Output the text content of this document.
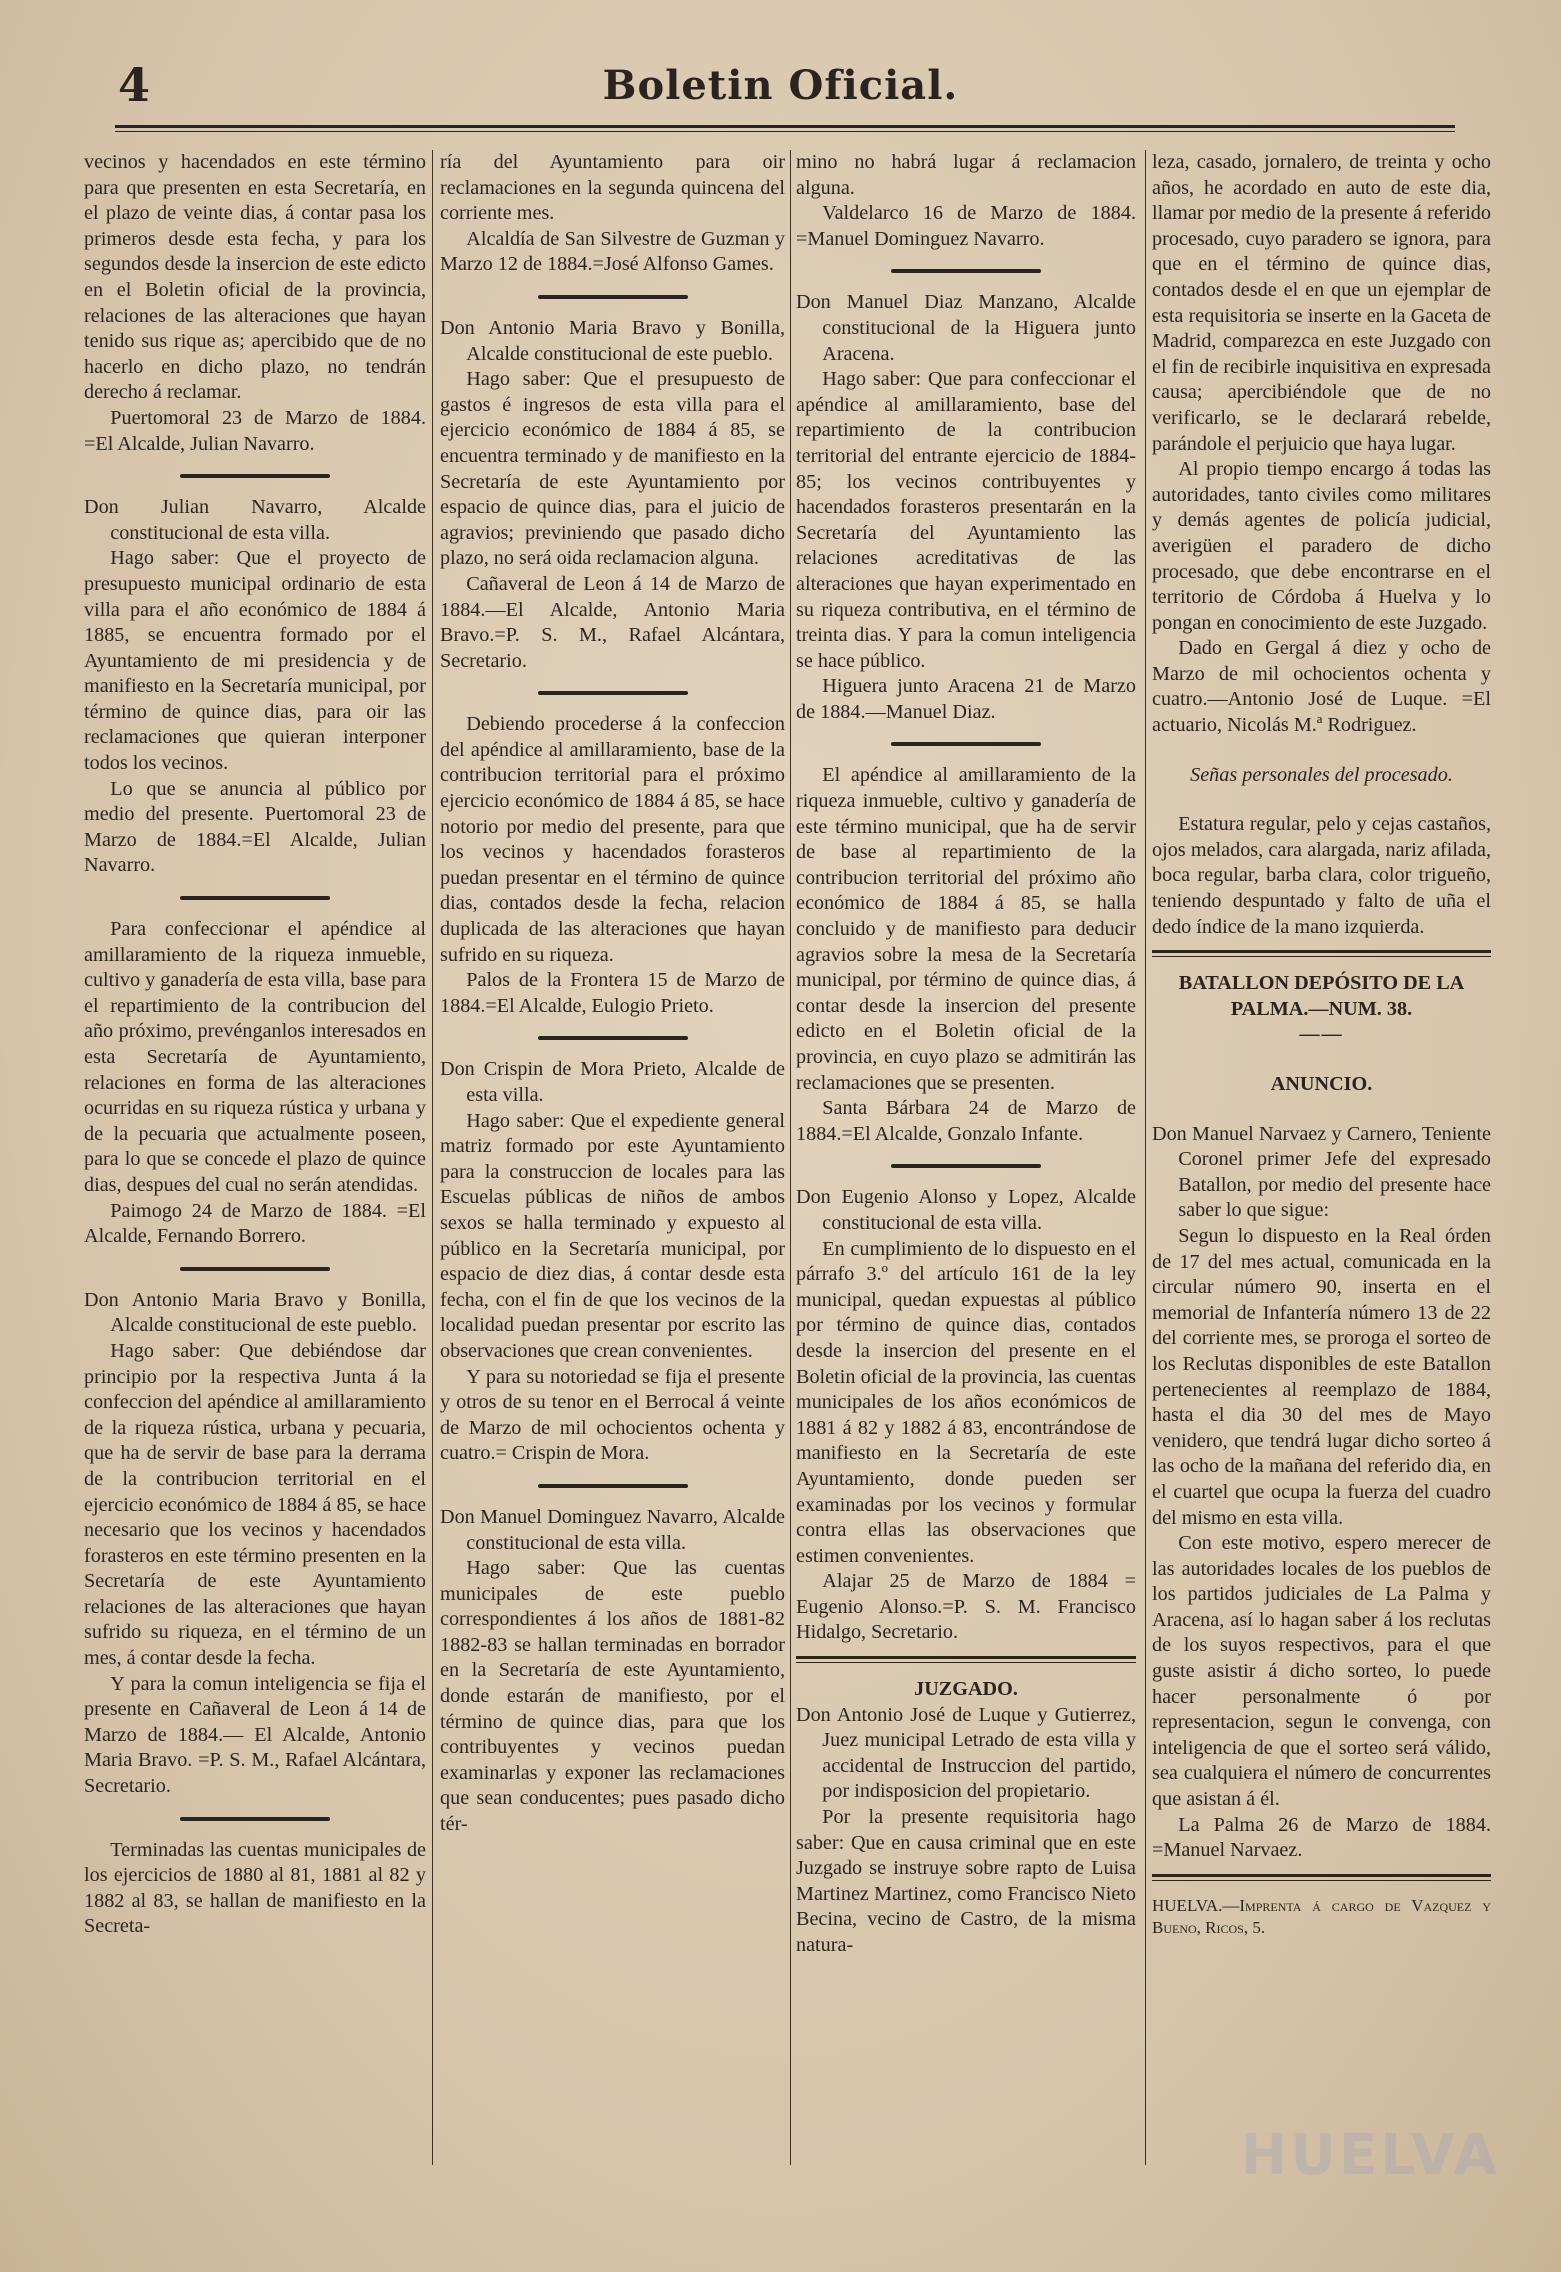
4	Boletin Oficial.

vecinos y hacendados en este término para que presenten en esta Secretaría, en el plazo de veinte dias, á contar pasa los primeros desde esta fecha, y para los segundos desde la insercion de este edicto en el Boletin oficial de la provincia, relaciones de las alteraciones que hayan tenido sus rique as; apercibido que de no hacerlo en dicho plazo, no tendrán derecho á reclamar.

Puertomoral 23 de Marzo de 1884. =El Alcalde, Julian Navarro.

Don Julian Navarro, Alcalde constitucional de esta villa.

Hago saber: Que el proyecto de presupuesto municipal ordinario de esta villa para el año económico de 1884 á 1885, se encuentra formado por el Ayuntamiento de mi presidencia y de manifiesto en la Secretaría municipal, por término de quince dias, para oir las reclamaciones que quieran interponer todos los vecinos.

Lo que se anuncia al público por medio del presente. Puertomoral 23 de Marzo de 1884.=El Alcalde, Julian Navarro.

Para confeccionar el apéndice al amillaramiento de la riqueza inmueble, cultivo y ganadería de esta villa, base para el repartimiento de la contribucion del año próximo, prevénganlos interesados en esta Secretaría de Ayuntamiento, relaciones en forma de las alteraciones ocurridas en su riqueza rústica y urbana y de la pecuaria que actualmente poseen, para lo que se concede el plazo de quince dias, despues del cual no serán atendidas.

Paimogo 24 de Marzo de 1884. =El Alcalde, Fernando Borrero.

Don Antonio Maria Bravo y Bonilla, Alcalde constitucional de este pueblo.

Hago saber: Que debiéndose dar principio por la respectiva Junta á la confeccion del apéndice al amillaramiento de la riqueza rústica, urbana y pecuaria, que ha de servir de base para la derrama de la contribucion territorial en el ejercicio económico de 1884 á 85, se hace necesario que los vecinos y hacendados forasteros en este término presenten en la Secretaría de este Ayuntamiento relaciones de las alteraciones que hayan sufrido su riqueza, en el término de un mes, á contar desde la fecha.

Y para la comun inteligencia se fija el presente en Cañaveral de Leon á 14 de Marzo de 1884.— El Alcalde, Antonio Maria Bravo. =P. S. M., Rafael Alcántara, Secretario.

Terminadas las cuentas municipales de los ejercicios de 1880 al 81, 1881 al 82 y 1882 al 83, se hallan de manifiesto en la Secreta-

ría del Ayuntamiento para oir reclamaciones en la segunda quincena del corriente mes.

Alcaldía de San Silvestre de Guzman y Marzo 12 de 1884.=José Alfonso Games.

Don Antonio Maria Bravo y Bonilla, Alcalde constitucional de este pueblo.

Hago saber: Que el presupuesto de gastos é ingresos de esta villa para el ejercicio económico de 1884 á 85, se encuentra terminado y de manifiesto en la Secretaría de este Ayuntamiento por espacio de quince dias, para el juicio de agravios; previniendo que pasado dicho plazo, no será oida reclamacion alguna.

Cañaveral de Leon á 14 de Marzo de 1884.—El Alcalde, Antonio Maria Bravo.=P. S. M., Rafael Alcántara, Secretario.

Debiendo procederse á la confeccion del apéndice al amillaramiento, base de la contribucion territorial para el próximo ejercicio económico de 1884 á 85, se hace notorio por medio del presente, para que los vecinos y hacendados forasteros puedan presentar en el término de quince dias, contados desde la fecha, relacion duplicada de las alteraciones que hayan sufrido en su riqueza.

Palos de la Frontera 15 de Marzo de 1884.=El Alcalde, Eulogio Prieto.

Don Crispin de Mora Prieto, Alcalde de esta villa.

Hago saber: Que el expediente general matriz formado por este Ayuntamiento para la construccion de locales para las Escuelas públicas de niños de ambos sexos se halla terminado y expuesto al público en la Secretaría municipal, por espacio de diez dias, á contar desde esta fecha, con el fin de que los vecinos de la localidad puedan presentar por escrito las observaciones que crean convenientes.

Y para su notoriedad se fija el presente y otros de su tenor en el Berrocal á veinte de Marzo de mil ochocientos ochenta y cuatro.= Crispin de Mora.

Don Manuel Dominguez Navarro, Alcalde constitucional de esta villa.

Hago saber: Que las cuentas municipales de este pueblo correspondientes á los años de 1881-82 1882-83 se hallan terminadas en borrador en la Secretaría de este Ayuntamiento, donde estarán de manifiesto, por el término de quince dias, para que los contribuyentes y vecinos puedan examinarlas y exponer las reclamaciones que sean conducentes; pues pasado dicho tér-

mino no habrá lugar á reclamacion alguna.

Valdelarco 16 de Marzo de 1884. =Manuel Dominguez Navarro.

Don Manuel Diaz Manzano, Alcalde constitucional de la Higuera junto Aracena.

Hago saber: Que para confeccionar el apéndice al amillaramiento, base del repartimiento de la contribucion territorial del entrante ejercicio de 1884-85; los vecinos contribuyentes y hacendados forasteros presentarán en la Secretaría del Ayuntamiento las relaciones acreditativas de las alteraciones que hayan experimentado en su riqueza contributiva, en el término de treinta dias. Y para la comun inteligencia se hace público.

Higuera junto Aracena 21 de Marzo de 1884.—Manuel Diaz.

El apéndice al amillaramiento de la riqueza inmueble, cultivo y ganadería de este término municipal, que ha de servir de base al repartimiento de la contribucion territorial del próximo año económico de 1884 á 85, se halla concluido y de manifiesto para deducir agravios sobre la mesa de la Secretaría municipal, por término de quince dias, á contar desde la insercion del presente edicto en el Boletin oficial de la provincia, en cuyo plazo se admitirán las reclamaciones que se presenten.

Santa Bárbara 24 de Marzo de 1884.=El Alcalde, Gonzalo Infante.

Don Eugenio Alonso y Lopez, Alcalde constitucional de esta villa.

En cumplimiento de lo dispuesto en el párrafo 3.º del artículo 161 de la ley municipal, quedan expuestas al público por término de quince dias, contados desde la insercion del presente en el Boletin oficial de la provincia, las cuentas municipales de los años económicos de 1881 á 82 y 1882 á 83, encontrándose de manifiesto en la Secretaría de este Ayuntamiento, donde pueden ser examinadas por los vecinos y formular contra ellas las observaciones que estimen convenientes.

Alajar 25 de Marzo de 1884 = Eugenio Alonso.=P. S. M. Francisco Hidalgo, Secretario.

JUZGADO.

Don Antonio José de Luque y Gutierrez, Juez municipal Letrado de esta villa y accidental de Instruccion del partido, por indisposicion del propietario.

Por la presente requisitoria hago saber: Que en causa criminal que en este Juzgado se instruye sobre rapto de Luisa Martinez Martinez, como Francisco Nieto Becina, vecino de Castro, de la misma natura-

leza, casado, jornalero, de treinta y ocho años, he acordado en auto de este dia, llamar por medio de la presente á referido procesado, cuyo paradero se ignora, para que en el término de quince dias, contados desde el en que un ejemplar de esta requisitoria se inserte en la Gaceta de Madrid, comparezca en este Juzgado con el fin de recibirle inquisitiva en expresada causa; apercibiéndole que de no verificarlo, se le declarará rebelde, parándole el perjuicio que haya lugar.

Al propio tiempo encargo á todas las autoridades, tanto civiles como militares y demás agentes de policía judicial, averigüen el paradero de dicho procesado, que debe encontrarse en el territorio de Córdoba á Huelva y lo pongan en conocimiento de este Juzgado.

Dado en Gergal á diez y ocho de Marzo de mil ochocientos ochenta y cuatro.—Antonio José de Luque. =El actuario, Nicolás M.ª Rodriguez.

Señas personales del procesado.

Estatura regular, pelo y cejas castaños, ojos melados, cara alargada, nariz afilada, boca regular, barba clara, color trigueño, teniendo despuntado y falto de uña el dedo índice de la mano izquierda.

BATALLON DEPÓSITO DE LA PALMA.—NUM. 38.

——

ANUNCIO.

Don Manuel Narvaez y Carnero, Teniente Coronel primer Jefe del expresado Batallon, por medio del presente hace saber lo que sigue:

Segun lo dispuesto en la Real órden de 17 del mes actual, comunicada en la circular número 90, inserta en el memorial de Infantería número 13 de 22 del corriente mes, se proroga el sorteo de los Reclutas disponibles de este Batallon pertenecientes al reemplazo de 1884, hasta el dia 30 del mes de Mayo venidero, que tendrá lugar dicho sorteo á las ocho de la mañana del referido dia, en el cuartel que ocupa la fuerza del cuadro del mismo en esta villa.

Con este motivo, espero merecer de las autoridades locales de los pueblos de los partidos judiciales de La Palma y Aracena, así lo hagan saber á los reclutas de los suyos respectivos, para el que guste asistir á dicho sorteo, lo puede hacer personalmente ó por representacion, segun le convenga, con inteligencia de que el sorteo será válido, sea cualquiera el número de concurrentes que asistan á él.

La Palma 26 de Marzo de 1884. =Manuel Narvaez.

HUELVA.—Imprenta á cargo de Vazquez y Bueno, Ricos, 5.

HUELVA
